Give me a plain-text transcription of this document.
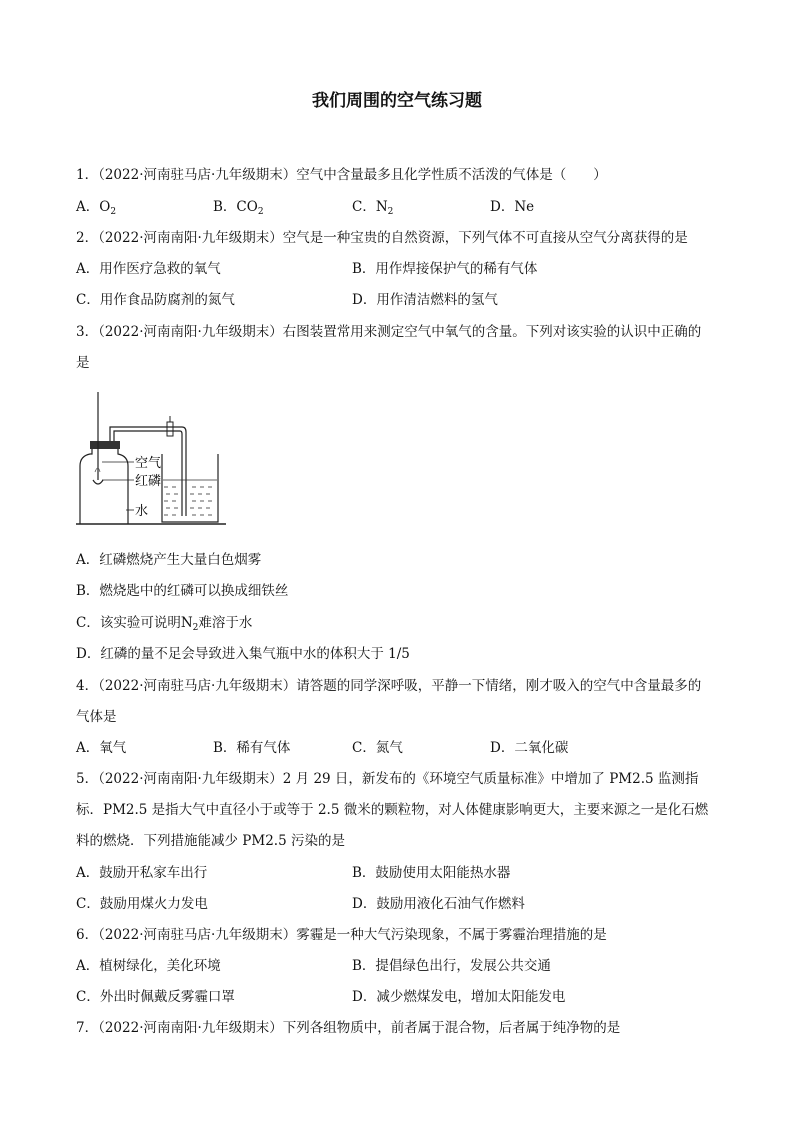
我们周围的空气练习题
1．（2022·河南驻马店·九年级期末）空气中含量最多且化学性质不活泼的气体是（　　）
A．$O_2$	B．$CO_2$	C．$N_2$	D．Ne
2．（2022·河南南阳·九年级期末）空气是一种宝贵的自然资源，下列气体不可直接从空气分离获得的是
A．用作医疗急救的氧气	B．用作焊接保护气的稀有气体
C．用作食品防腐剂的氮气	D．用作清洁燃料的氢气
3．（2022·河南南阳·九年级期末）右图装置常用来测定空气中氧气的含量。下列对该实验的认识中正确的
是
空气
红磷
水
A．红磷燃烧产生大量白色烟雾
B．燃烧匙中的红磷可以换成细铁丝
C．该实验可说明$N_2$难溶于水
D．红磷的量不足会导致进入集气瓶中水的体积大于 1/5
4．（2022·河南驻马店·九年级期末）请答题的同学深呼吸，平静一下情绪，刚才吸入的空气中含量最多的
气体是
A．氧气	B．稀有气体	C．氮气	D．二氧化碳
5．（2022·河南南阳·九年级期末）2 月 29 日，新发布的《环境空气质量标准》中增加了 PM2.5 监测指
标．PM2.5 是指大气中直径小于或等于 2.5 微米的颗粒物，对人体健康影响更大，主要来源之一是化石燃
料的燃烧．下列措施能减少 PM2.5 污染的是
A．鼓励开私家车出行	B．鼓励使用太阳能热水器
C．鼓励用煤火力发电	D．鼓励用液化石油气作燃料
6．（2022·河南驻马店·九年级期末）雾霾是一种大气污染现象，不属于雾霾治理措施的是
A．植树绿化，美化环境	B．提倡绿色出行，发展公共交通
C．外出时佩戴反雾霾口罩	D．减少燃煤发电，增加太阳能发电
7．（2022·河南南阳·九年级期末）下列各组物质中，前者属于混合物，后者属于纯净物的是
